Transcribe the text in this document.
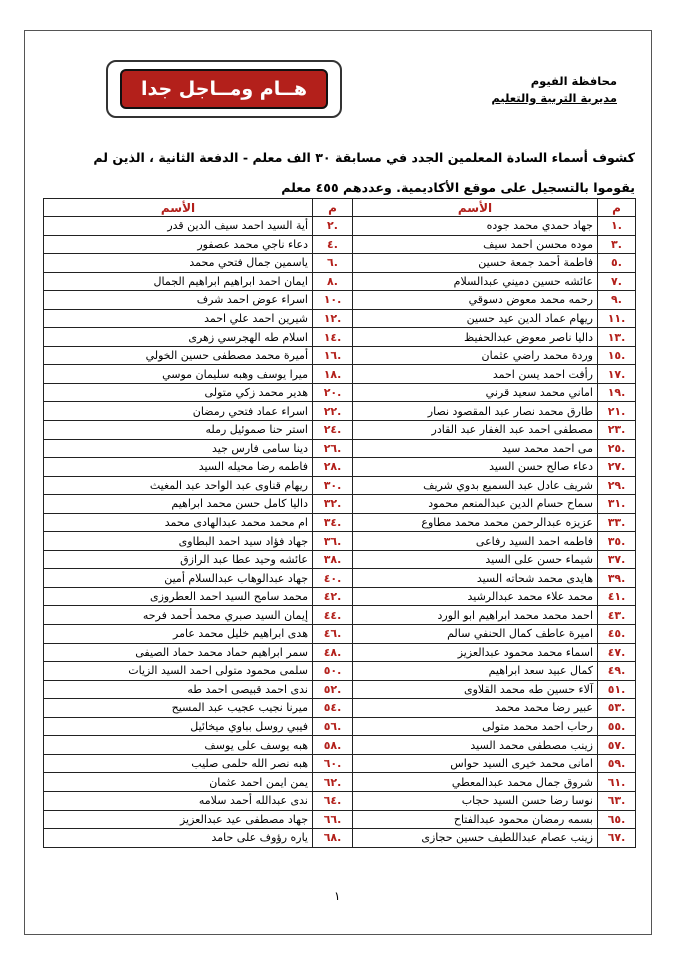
محافظة الفيوم
مديرية التربية والتعليم
هــام ومــاجل جدا
كشوف أسماء السادة المعلمين الجدد في مسابقة ٣٠ الف معلم - الدفعة الثانية ، الذين لم
يقوموا بالتسجيل على موقع الأكاديمية. وعددهم ٤٥٥ معلم
م	الأسم	م	الأسم
١.	جهاد حمدي محمد جوده	٢.	أية السيد احمد سيف الدين قدر
٣.	موده محسن احمد سيف	٤.	دعاء ناجي محمد عصفور
٥.	فاطمة أحمد جمعة حسين	٦.	ياسمين جمال فتحي محمد
٧.	عائشه حسين دميني عبدالسلام	٨.	ايمان احمد ابراهيم ابراهيم الجمال
٩.	رحمه محمد معوض دسوقي	١٠.	اسراء عوض احمد شرف
١١.	ريهام عماد الدين عيد حسين	١٢.	شيرين احمد علي احمد
١٣.	داليا ناصر معوض عبدالحفيظ	١٤.	اسلام طه الهجرسي زهرى
١٥.	وردة محمد راضي عثمان	١٦.	أميرة محمد مصطفى حسين الخولي
١٧.	رأفت احمد يسن احمد	١٨.	ميرا يوسف وهبه سليمان موسي
١٩.	اماني محمد سعيد قرني	٢٠.	هدير محمد زكي متولى
٢١.	طارق محمد نصار عبد المقصود نصار	٢٢.	اسراء عماد فتحي رمضان
٢٣.	مصطفى احمد عبد الغفار عبد القادر	٢٤.	استر حنا صموئيل رمله
٢٥.	مى احمد محمد سيد	٢٦.	دينا سامى فارس جيد
٢٧.	دعاء صالح حسن السيد	٢٨.	فاطمه رضا محيله السيد
٢٩.	شريف عادل عبد السميع بدوي شريف	٣٠.	ريهام قناوى عبد الواحد عبد المغيث
٣١.	سماح حسام الدين عبدالمنعم محمود	٣٢.	داليا كامل حسن محمد ابراهيم
٣٣.	عزيزه عبدالرحمن محمد محمد مطاوع	٣٤.	ام محمد محمد عبدالهادى محمد
٣٥.	فاطمه احمد السيد رفاعى	٣٦.	جهاد فؤاد سيد احمد البطاوى
٣٧.	شيماء حسن على السيد	٣٨.	عائشه وحيد عطا عبد الرازق
٣٩.	هايدى محمد شحاته السيد	٤٠.	جهاد عبدالوهاب عبدالسلام أمين
٤١.	محمد علاء محمد عبدالرشيد	٤٢.	محمد سامح السيد احمد العطروزى
٤٣.	احمد محمد محمد ابراهيم ابو الورد	٤٤.	إيمان السيد صبري محمد أحمد فرحه
٤٥.	اميرة عاطف كمال الحنفي سالم	٤٦.	هدى ابراهيم خليل محمد عامر
٤٧.	اسماء محمد محمود عبدالعزيز	٤٨.	سمر ابراهيم حماد محمد حماد الصيفى
٤٩.	كمال عبيد سعد ابراهيم	٥٠.	سلمى محمود متولى احمد السيد الزيات
٥١.	آلاء حسين طه محمد القلاوى	٥٢.	ندى احمد قبيصى احمد طه
٥٣.	عبير رضا محمد محمد	٥٤.	ميرنا نجيب عجيب عبد المسيح
٥٥.	رحاب احمد محمد متولى	٥٦.	فيبي روسل بباوي ميخائيل
٥٧.	زينب مصطفى محمد السيد	٥٨.	هبه يوسف على يوسف
٥٩.	امانى محمد خيرى السيد حواس	٦٠.	هبه نصر الله حلمى صليب
٦١.	شروق جمال محمد عبدالمعطي	٦٢.	يمن ايمن احمد عثمان
٦٣.	نوسا رضا حسن السيد حجاب	٦٤.	ندى عبدالله أحمد سلامه
٦٥.	بسمه رمضان محمود عبدالفتاح	٦٦.	جهاد مصطفى عيد عبدالعزيز
٦٧.	زينب عصام عبداللطيف حسين حجازى	٦٨.	ياره رؤوف على حامد
١
